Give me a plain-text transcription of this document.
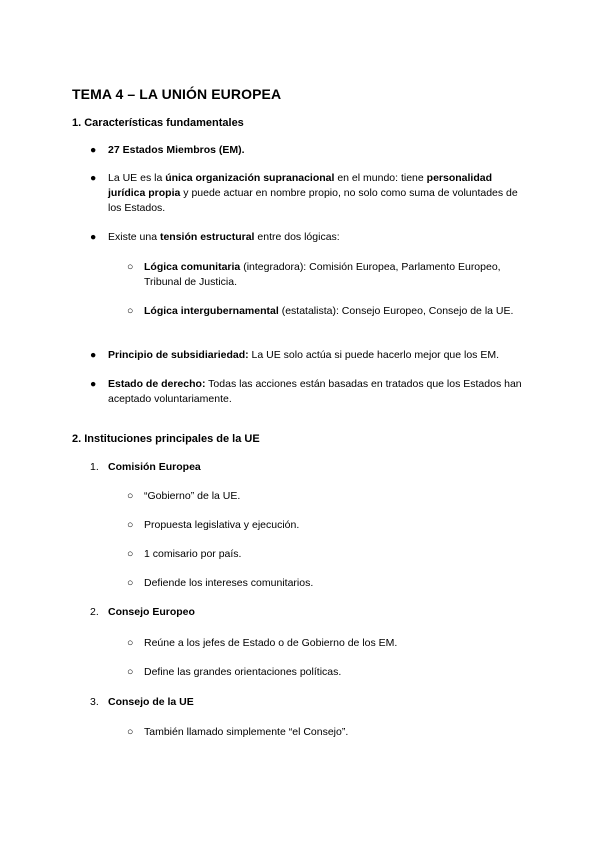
TEMA 4 – LA UNIÓN EUROPEA
1. Características fundamentales
● 27 Estados Miembros (EM).
● La UE es la única organización supranacional en el mundo: tiene personalidad jurídica propia y puede actuar en nombre propio, no solo como suma de voluntades de los Estados.
● Existe una tensión estructural entre dos lógicas:
○ Lógica comunitaria (integradora): Comisión Europea, Parlamento Europeo, Tribunal de Justicia.
○ Lógica intergubernamental (estatalista): Consejo Europeo, Consejo de la UE.
● Principio de subsidiariedad: La UE solo actúa si puede hacerlo mejor que los EM.
● Estado de derecho: Todas las acciones están basadas en tratados que los Estados han aceptado voluntariamente.
2. Instituciones principales de la UE
1. Comisión Europea
○ “Gobierno” de la UE.
○ Propuesta legislativa y ejecución.
○ 1 comisario por país.
○ Defiende los intereses comunitarios.
2. Consejo Europeo
○ Reúne a los jefes de Estado o de Gobierno de los EM.
○ Define las grandes orientaciones políticas.
3. Consejo de la UE
○ También llamado simplemente “el Consejo”.
